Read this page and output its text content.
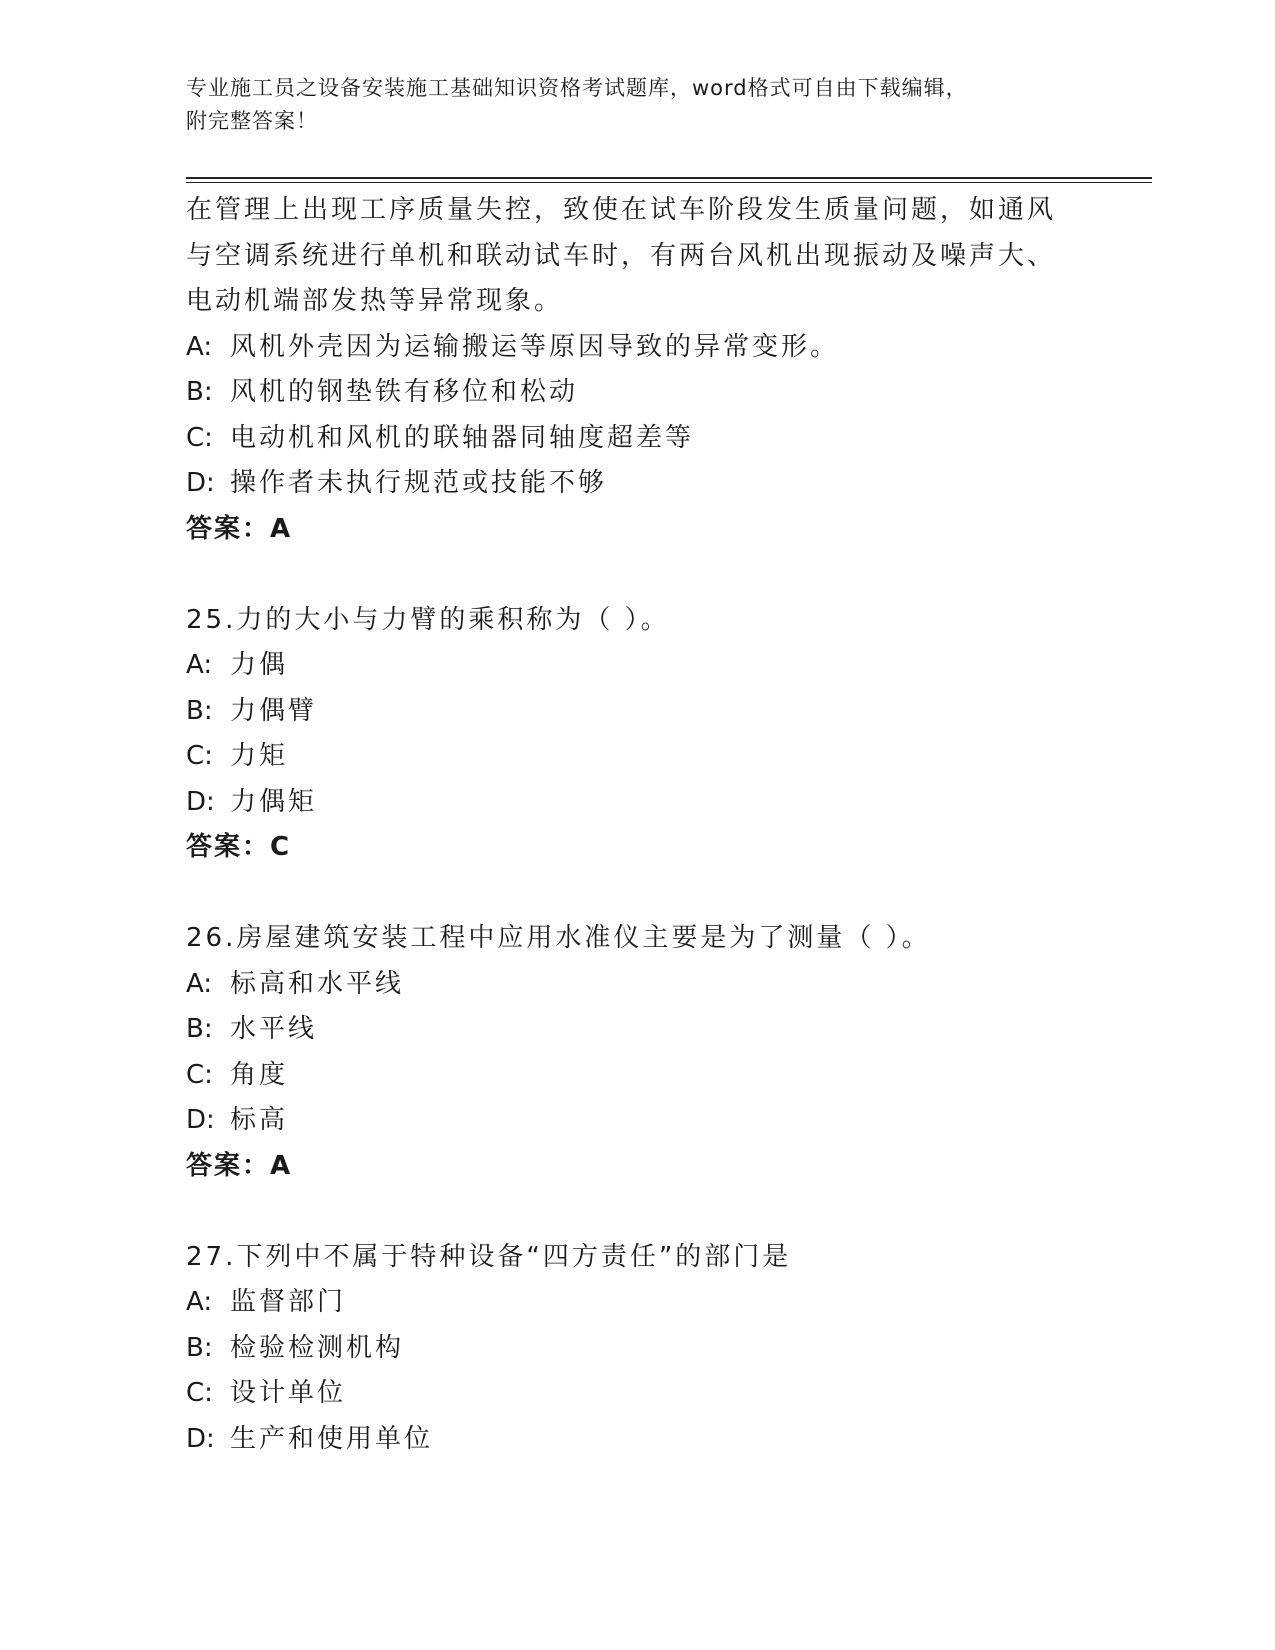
专业施工员之设备安装施工基础知识资格考试题库，word格式可自由下载编辑，
附完整答案！
在管理上出现工序质量失控，致使在试车阶段发生质量问题，如通风
与空调系统进行单机和联动试车时，有两台风机出现振动及噪声大、
电动机端部发热等异常现象。
A: 风机外壳因为运输搬运等原因导致的异常变形。
B: 风机的钢垫铁有移位和松动
C: 电动机和风机的联轴器同轴度超差等
D: 操作者未执行规范或技能不够
答案：A
25.力的大小与力臂的乘积称为（ ）。
A: 力偶
B: 力偶臂
C: 力矩
D: 力偶矩
答案：C
26.房屋建筑安装工程中应用水准仪主要是为了测量（ ）。
A: 标高和水平线
B: 水平线
C: 角度
D: 标高
答案：A
27.下列中不属于特种设备“四方责任”的部门是
A: 监督部门
B: 检验检测机构
C: 设计单位
D: 生产和使用单位
